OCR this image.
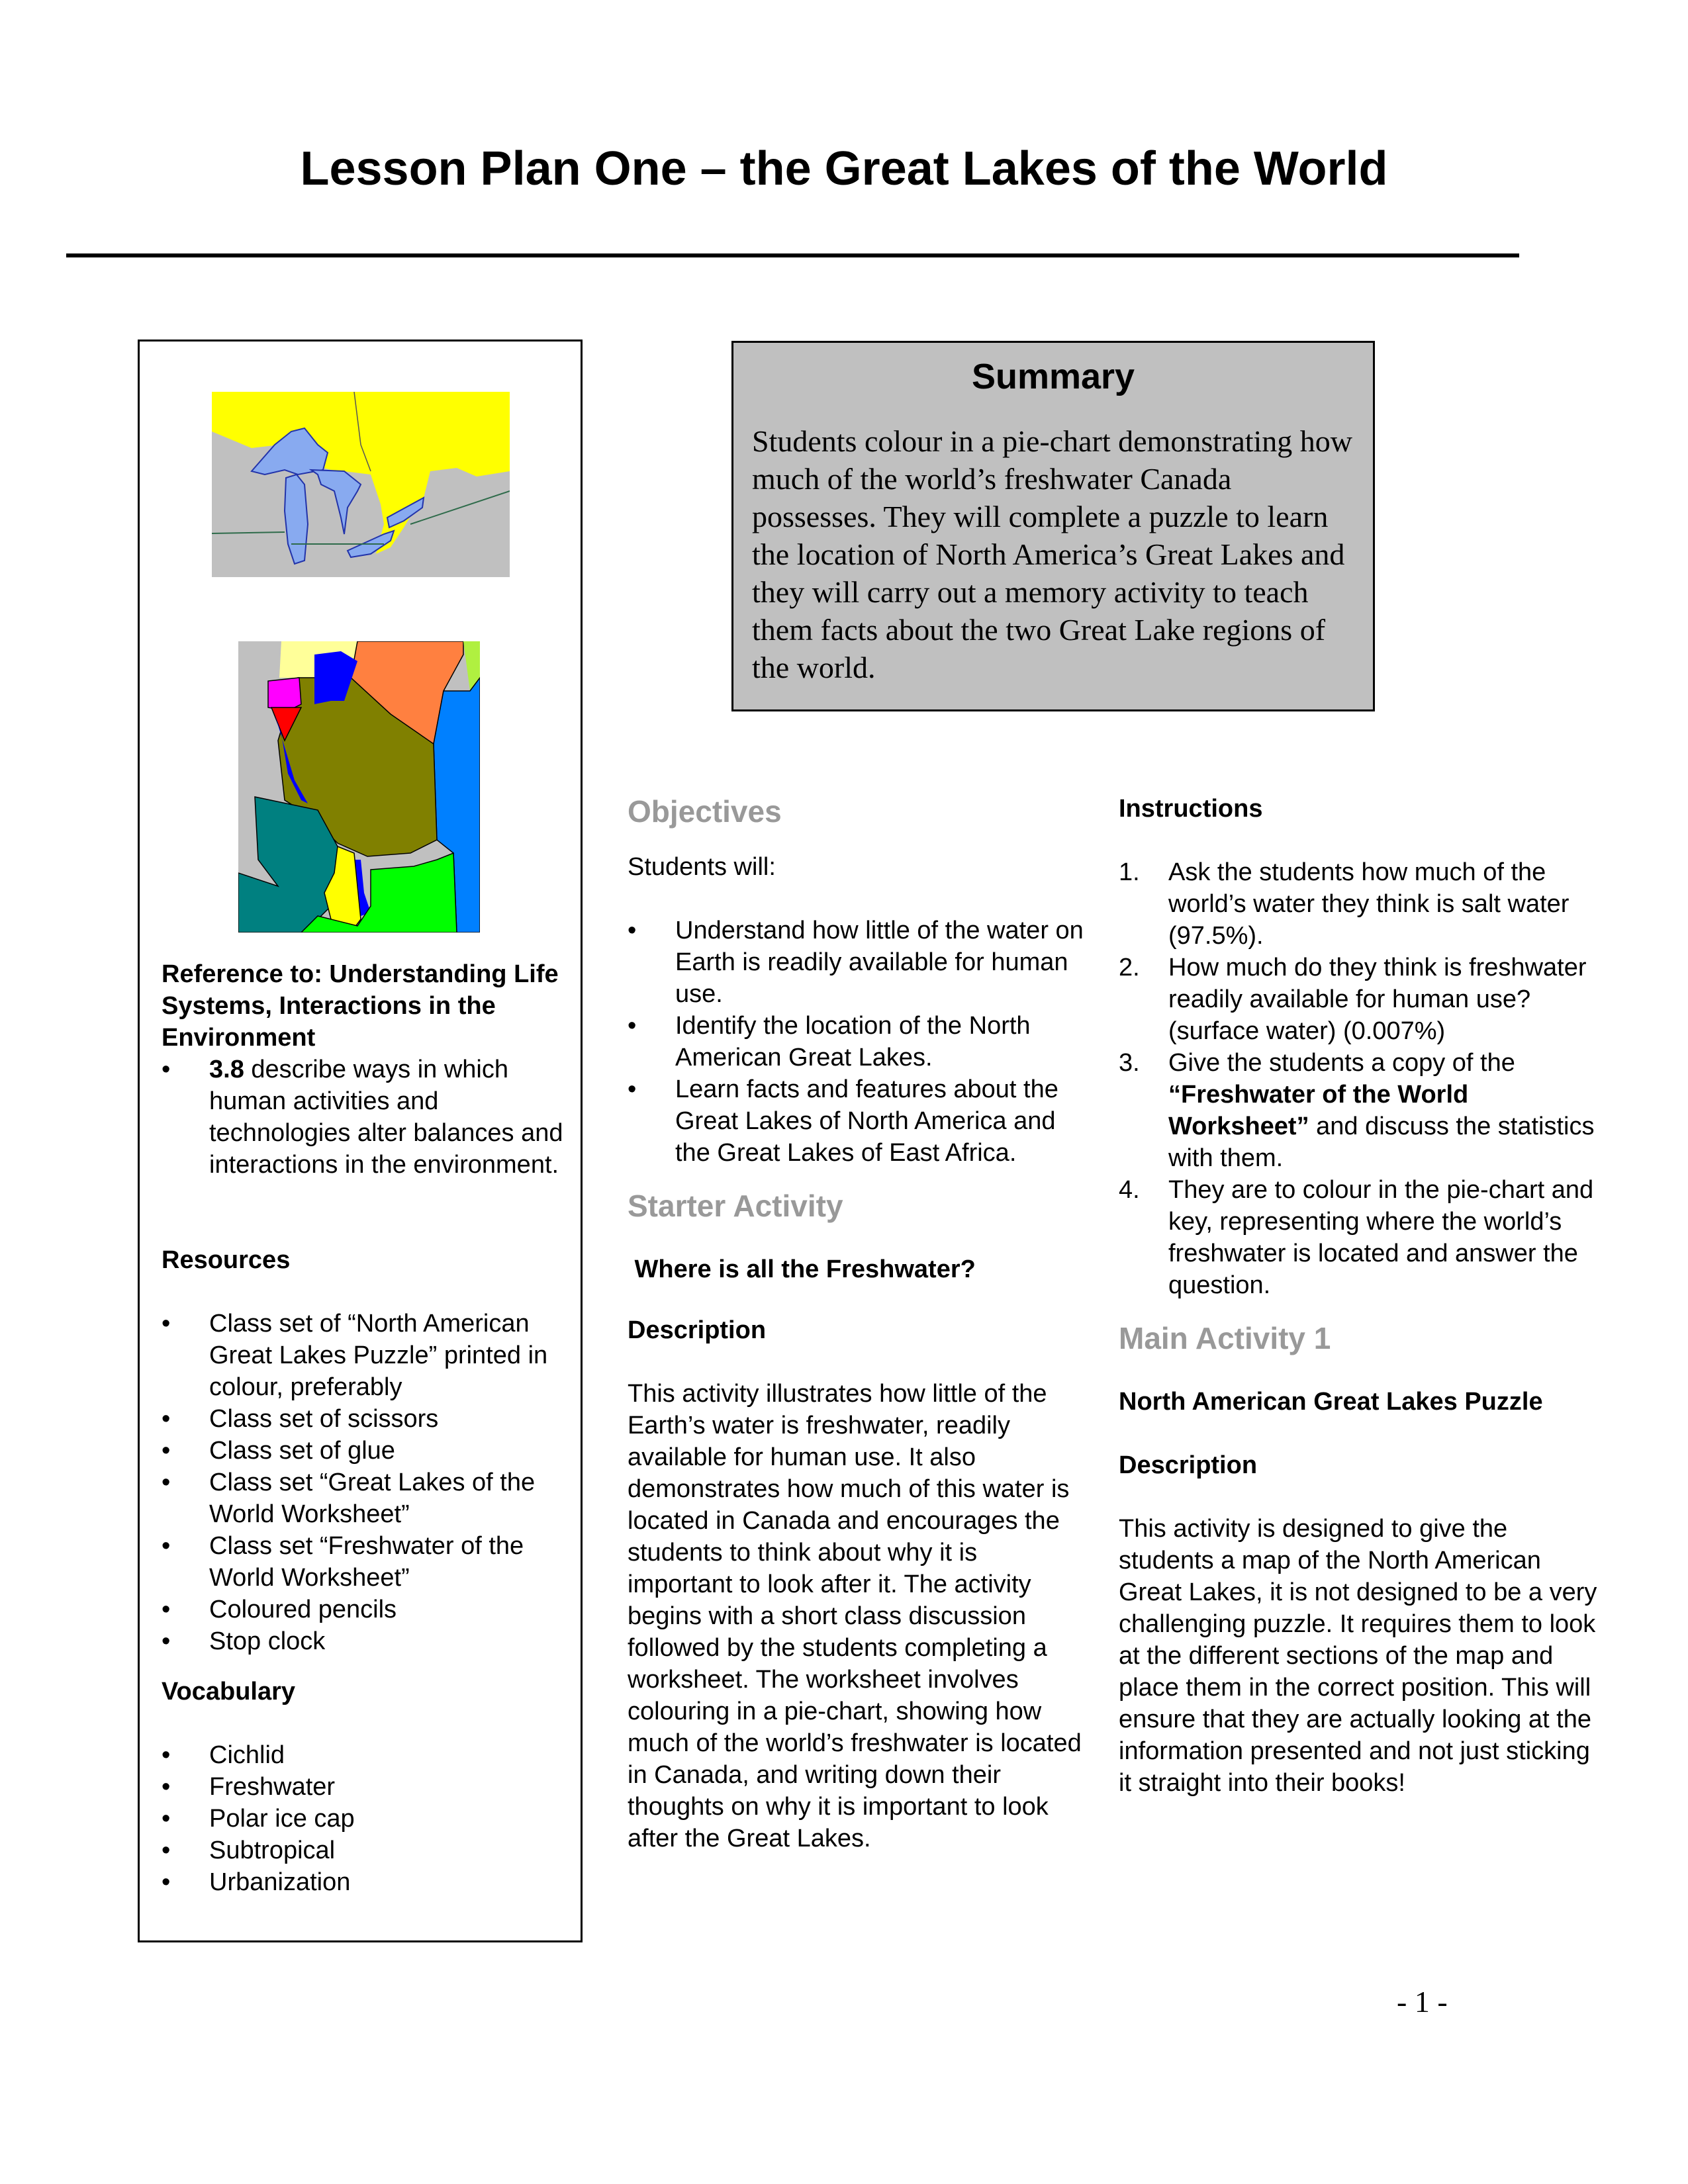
Lesson Plan One – the Great Lakes of the World
Reference to: Understanding Life Systems, Interactions in the Environment
• 3.8 describe ways in which human activities and technologies alter balances and interactions in the environment.
Resources
• Class set of “North American Great Lakes Puzzle” printed in colour, preferably
• Class set of scissors
• Class set of glue
• Class set “Great Lakes of the World Worksheet”
• Class set “Freshwater of the World Worksheet”
• Coloured pencils
• Stop clock
Vocabulary
• Cichlid
• Freshwater
• Polar ice cap
• Subtropical
• Urbanization
Summary
Students colour in a pie-chart demonstrating how much of the world’s freshwater Canada possesses. They will complete a puzzle to learn the location of North America’s Great Lakes and they will carry out a memory activity to teach them facts about the two Great Lake regions of the world.
Objectives
Students will:
• Understand how little of the water on Earth is readily available for human use.
• Identify the location of the North American Great Lakes.
• Learn facts and features about the Great Lakes of North America and the Great Lakes of East Africa.
Starter Activity
Where is all the Freshwater?
Description
This activity illustrates how little of the Earth’s water is freshwater, readily available for human use. It also demonstrates how much of this water is located in Canada and encourages the students to think about why it is important to look after it. The activity begins with a short class discussion followed by the students completing a worksheet. The worksheet involves colouring in a pie-chart, showing how much of the world’s freshwater is located in Canada, and writing down their thoughts on why it is important to look after the Great Lakes.
Instructions
1. Ask the students how much of the world’s water they think is salt water (97.5%).
2. How much do they think is freshwater readily available for human use? (surface water) (0.007%)
3. Give the students a copy of the “Freshwater of the World Worksheet” and discuss the statistics with them.
4. They are to colour in the pie-chart and key, representing where the world’s freshwater is located and answer the question.
Main Activity 1
North American Great Lakes Puzzle
Description
This activity is designed to give the students a map of the North American Great Lakes, it is not designed to be a very challenging puzzle. It requires them to look at the different sections of the map and place them in the correct position. This will ensure that they are actually looking at the information presented and not just sticking it straight into their books!
- 1 -
